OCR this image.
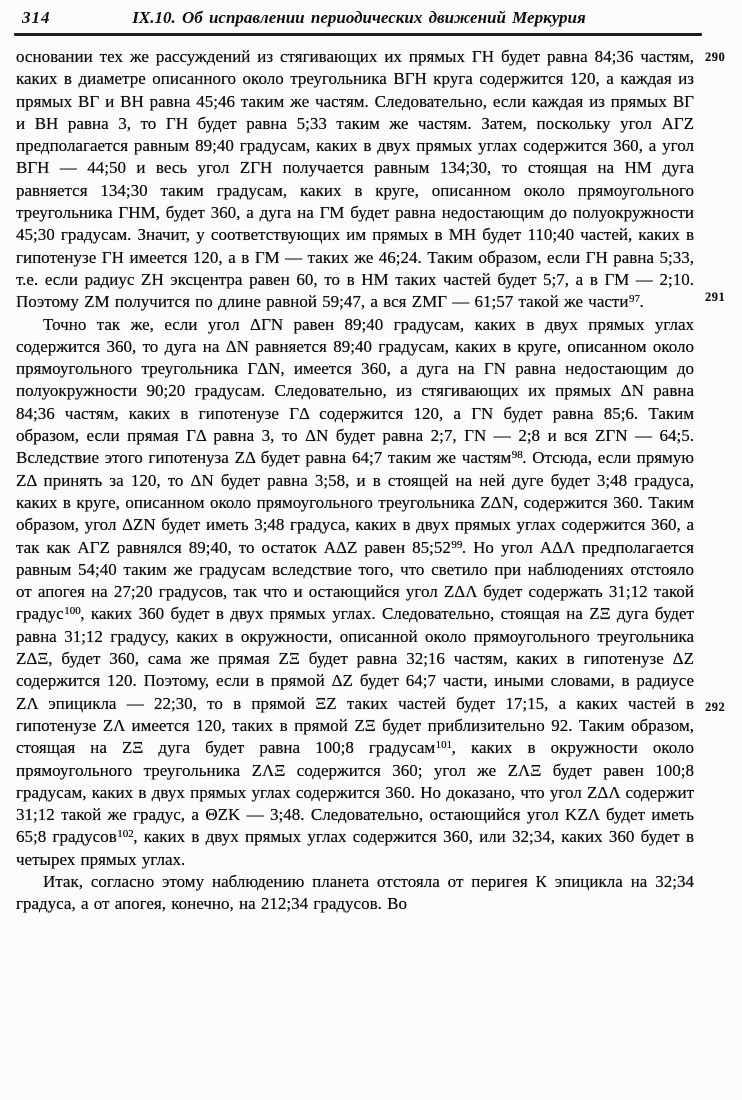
314	IX.10. Об исправлении периодических движений Меркурия

основании тех же рассуждений из стягивающих их прямых ГН будет равна 84;36 частям, каких в диаметре описанного около треугольника ВГН круга содержится 120, а каждая из прямых ВГ и ВН равна 45;46 таким же частям. Следовательно, если каждая из прямых ВГ и ВН равна 3, то ГН будет равна 5;33 таким же частям. Затем, поскольку угол АГZ предполагается равным 89;40 градусам, каких в двух прямых углах содержится 360, а угол ВГН — 44;50 и весь угол ZГН получается равным 134;30, то стоящая на НМ дуга равняется 134;30 таким градусам, каких в круге, описанном около прямоугольного треугольника ГНМ, будет 360, а дуга на ГМ будет равна недостающим до полуокружности 45;30 градусам. Значит, у соответствующих им прямых в МН будет 110;40 частей, каких в гипотенузе ГН имеется 120, а в ГМ — таких же 46;24. Таким образом, если ГН равна 5;33, т.е. если радиус ZН эксцентра равен 60, то в НМ таких частей будет 5;7, а в ГМ — 2;10. Поэтому ZМ получится по длине равной 59;47, а вся ZМГ — 61;57 такой же части$^{97}$.

Точно так же, если угол ΔГN равен 89;40 градусам, каких в двух прямых углах содержится 360, то дуга на ΔN равняется 89;40 градусам, каких в круге, описанном около прямоугольного треугольника ГΔN, имеется 360, а дуга на ГN равна недостающим до полуокружности 90;20 градусам. Следовательно, из стягивающих их прямых ΔN равна 84;36 частям, каких в гипотенузе ГΔ содержится 120, а ГN будет равна 85;6. Таким образом, если прямая ГΔ равна 3, то ΔN будет равна 2;7, ГN — 2;8 и вся ZГN — 64;5. Вследствие этого гипотенуза ZΔ будет равна 64;7 таким же частям$^{98}$. Отсюда, если прямую ZΔ принять за 120, то ΔN будет равна 3;58, и в стоящей на ней дуге будет 3;48 градуса, каких в круге, описанном около прямоугольного треугольника ZΔN, содержится 360. Таким образом, угол ΔZN будет иметь 3;48 градуса, каких в двух прямых углах содержится 360, а так как АГZ равнялся 89;40, то остаток АΔZ равен $85;52^{99}$. Но угол АΔΛ предполагается равным 54;40 таким же градусам вследствие того, что светило при наблюдениях отстояло от апогея на 27;20 градусов, так что и остающийся угол ZΔΛ будет содержать 31;12 такой градус$^{100}$, каких 360 будет в двух прямых углах. Следовательно, стоящая на ZΞ дуга будет равна 31;12 градусу, каких в окружности, описанной около прямоугольного треугольника ZΔΞ, будет 360, сама же прямая ZΞ будет равна 32;16 частям, каких в гипотенузе ΔZ содержится 120. Поэтому, если в прямой ΔZ будет 64;7 части, иными словами, в радиусе ZΛ эпицикла — 22;30, то в прямой ΞZ таких частей будет 17;15, а каких частей в гипотенузе ZΛ имеется 120, таких в прямой ZΞ будет приблизительно 92. Таким образом, стоящая на ZΞ дуга будет равна 100;8 градусам$^{101}$, каких в окружности около прямоугольного треугольника ZΛΞ содержится 360; угол же ZΛΞ будет равен 100;8 градусам, каких в двух прямых углах содержится 360. Но доказано, что угол ZΔΛ содержит 31;12 такой же градус, а ΘZK — 3;48. Следовательно, остающийся угол KZΛ будет иметь 65;8 градусов$^{102}$, каких в двух прямых углах содержится 360, или 32;34, каких 360 будет в четырех прямых углах.

Итак, согласно этому наблюдению планета отстояла от перигея К эпицикла на 32;34 градуса, а от апогея, конечно, на 212;34 градусов. Во

290
291
292
